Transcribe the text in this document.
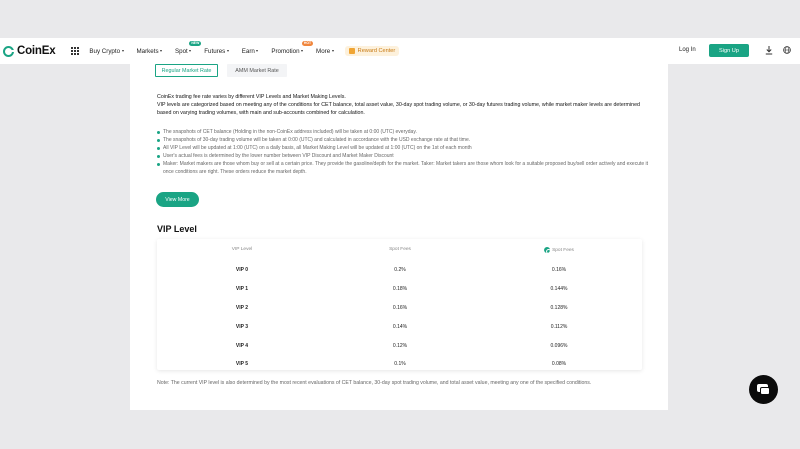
CoinEx	Buy Crypto	Markets	Spot
NEW
Futures	Earn	Promotion
HOT
More	Reward Center	Log In	Sign Up
Regular Market Rate	AMM Market Rate

CoinEx trading fee rate varies by different VIP Levels and Market Making Levels.

VIP levels are categorized based on meeting any of the conditions for CET balance, total asset value, 30-day spot trading volume, or 30-day futures trading volume, while market maker levels are determined based on varying trading volumes, with main and sub-accounts combined for calculation.

The snapshots of CET balance (Holding in the non-CoinEx address included) will be taken at 0:00 (UTC) everyday.
The snapshots of 30-day trading volume will be taken at 0:00 (UTC) and calculated in accordance with the USD exchange rate at that time.
All VIP Level will be updated at 1:00 (UTC) on a daily basis, all Market Making Level will be updated at 1:00 (UTC) on the 1st of each month
User's actual fees is determined by the lower number between VIP Discount and Market Maker Discount
Maker: Market makers are those whom buy or sell at a certain price. They provide the gasoline/depth for the market. Taker: Market takers are those whom look for a suitable proposed buy/sell order actively and execute it once conditions are right. These orders reduce the market depth.
View More
VIP Level
VIP Level	Spot Fees	Spot Fees
VIP 0	0.2%	0.16%
VIP 1	0.18%	0.144%
VIP 2	0.16%	0.128%
VIP 3	0.14%	0.112%
VIP 4	0.12%	0.096%
VIP 5	0.1%	0.08%

Note: The current VIP level is also determined by the most recent evaluations of CET balance, 30-day spot trading volume, and total asset value, meeting any one of the specified conditions.
